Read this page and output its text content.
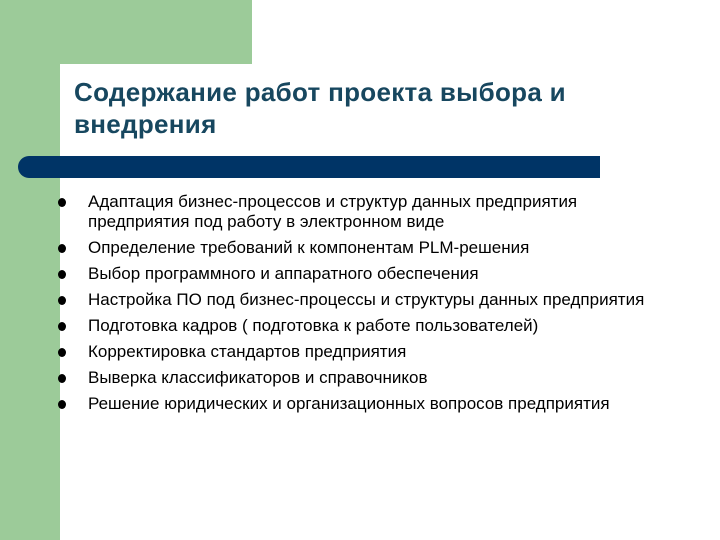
Содержание работ проекта выбора и внедрения
Адаптация бизнес-процессов и структур данных предприятия предприятия под работу в электронном виде
Определение требований к компонентам PLM-решения
Выбор программного и аппаратного обеспечения
Настройка ПО под бизнес-процессы и структуры данных предприятия
Подготовка кадров ( подготовка к работе пользователей)
Корректировка стандартов предприятия
Выверка классификаторов и справочников
Решение юридических и организационных вопросов предприятия
